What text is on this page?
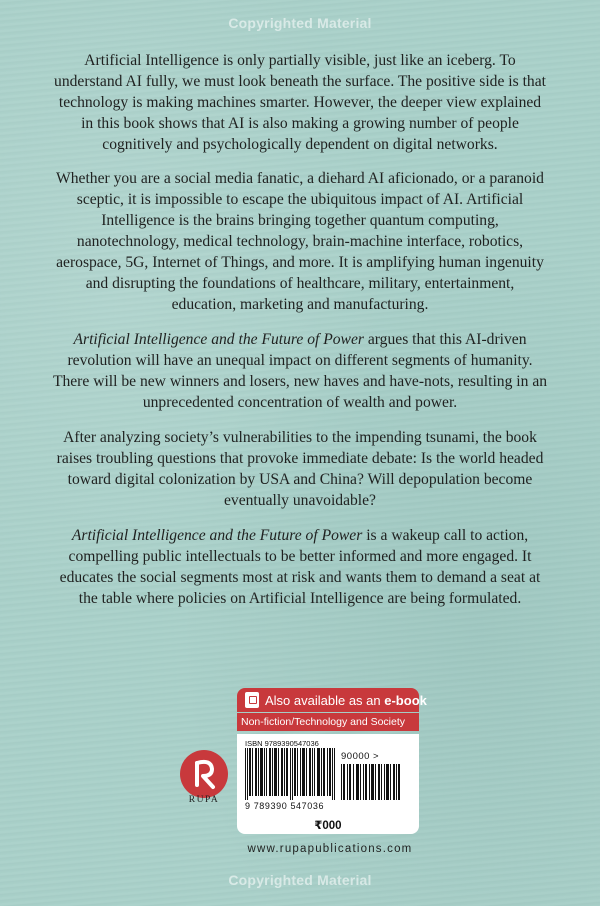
Copyrighted Material

Artificial Intelligence is only partially visible, just like an iceberg. To understand AI fully, we must look beneath the surface. The positive side is that technology is making machines smarter. However, the deeper view explained in this book shows that AI is also making a growing number of people cognitively and psychologically dependent on digital networks.

Whether you are a social media fanatic, a diehard AI aficionado, or a paranoid sceptic, it is impossible to escape the ubiquitous impact of AI. Artificial Intelligence is the brains bringing together quantum computing, nanotechnology, medical technology, brain-machine interface, robotics, aerospace, 5G, Internet of Things, and more. It is amplifying human ingenuity and disrupting the foundations of healthcare, military, entertainment, education, marketing and manufacturing.

Artificial Intelligence and the Future of Power argues that this AI-driven revolution will have an unequal impact on different segments of humanity. There will be new winners and losers, new haves and have-nots, resulting in an unprecedented concentration of wealth and power.

After analyzing society’s vulnerabilities to the impending tsunami, the book raises troubling questions that provoke immediate debate: Is the world headed toward digital colonization by USA and China? Will depopulation become eventually unavoidable?

Artificial Intelligence and the Future of Power is a wakeup call to action, compelling public intellectuals to be better informed and more engaged. It educates the social segments most at risk and wants them to demand a seat at the table where policies on Artificial Intelligence are being formulated.

Also available as an e-book
Non-fiction/Technology and Society
ISBN 9789390547036
90000 >
9 789390 547036
₹000
RUPA
www.rupapublications.com
Copyrighted Material
